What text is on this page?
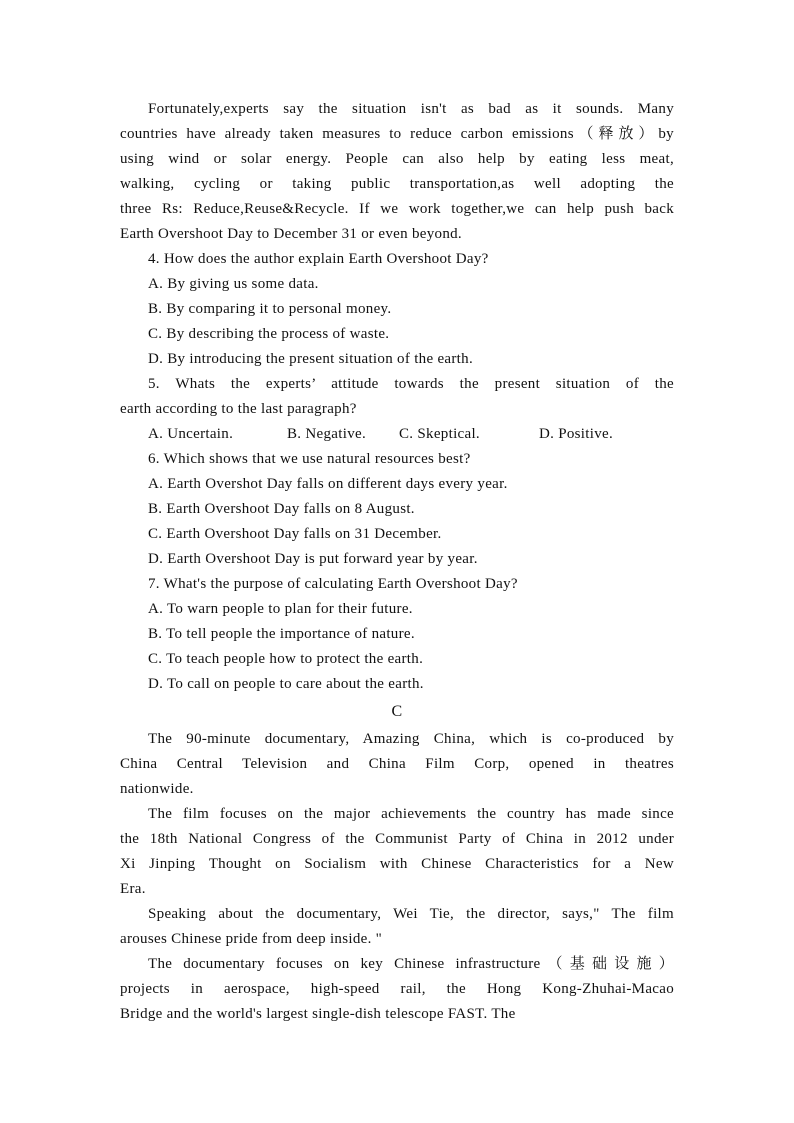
Fortunately,experts say the situation isn't as bad as it sounds. Many
countries have already taken measures to reduce carbon emissions（释放）by
using wind or solar energy. People can also help by eating less meat,
walking, cycling or taking public transportation,as well adopting the
three Rs: Reduce,Reuse&Recycle. If we work together,we can help push back
Earth Overshoot Day to December 31 or even beyond.
4. How does the author explain Earth Overshoot Day?
A. By giving us some data.
B. By comparing it to personal money.
C. By describing the process of waste.
D. By introducing the present situation of the earth.
5. Whats the experts’ attitude towards the present situation of the
earth according to the last paragraph?
A. Uncertain.	B. Negative. C. Skeptical.	D. Positive.
6. Which shows that we use natural resources best?
A. Earth Overshot Day falls on different days every year.
B. Earth Overshoot Day falls on 8 August.
C. Earth Overshoot Day falls on 31 December.
D. Earth Overshoot Day is put forward year by year.
7. What's the purpose of calculating Earth Overshoot Day?
A. To warn people to plan for their future.
B. To tell people the importance of nature.
C. To teach people how to protect the earth.
D. To call on people to care about the earth.
C
The 90-minute documentary, Amazing China, which is co-produced by
China Central Television and China Film Corp, opened in theatres
nationwide.
The film focuses on the major achievements the country has made since
the 18th National Congress of the Communist Party of China in 2012 under
Xi Jinping Thought on Socialism with Chinese Characteristics for a New
Era.
Speaking about the documentary, Wei Tie, the director, says," The film
arouses Chinese pride from deep inside. "
The documentary focuses on key Chinese infrastructure（基础设施）
projects in aerospace, high-speed rail, the Hong Kong-Zhuhai-Macao
Bridge and the world's largest single-dish telescope FAST. The
